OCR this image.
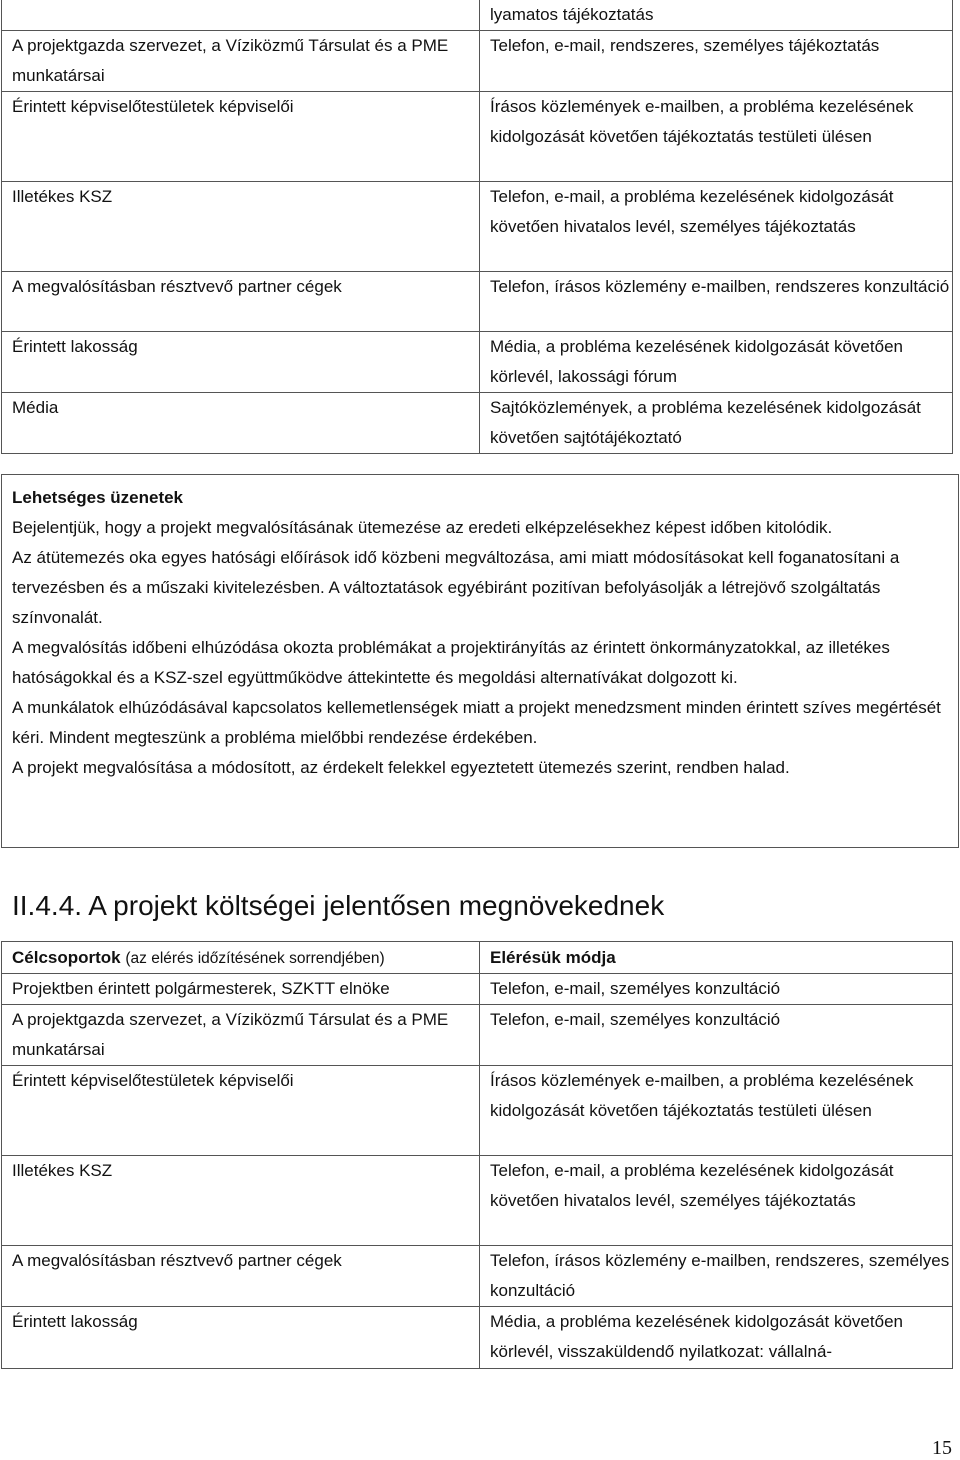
	lyamatos tájékoztatás
A projektgazda szervezet, a Víziközmű Társulat és a PME munkatársai	Telefon, e-mail, rendszeres, személyes tájékoztatás
Érintett képviselőtestületek képviselői	Írásos közlemények e-mailben, a probléma kezelésének kidolgozását követően tájékoztatás testületi ülésen
Illetékes KSZ	Telefon, e-mail, a probléma kezelésének kidolgozását követően hivatalos levél, személyes tájékoztatás
A megvalósításban résztvevő partner cégek	Telefon, írásos közlemény e-mailben, rendszeres konzultáció
Érintett lakosság	Média, a probléma kezelésének kidolgozását követően körlevél, lakossági fórum
Média	Sajtóközlemények, a probléma kezelésének kidolgozását követően sajtótájékoztató

Lehetséges üzenetek

Bejelentjük, hogy a projekt megvalósításának ütemezése az eredeti elképzelésekhez képest időben kitolódik.

Az átütemezés oka egyes hatósági előírások idő közbeni megváltozása, ami miatt módosításokat kell foganatosítani a tervezésben és a műszaki kivitelezésben. A változtatások egyébiránt pozitívan befolyásolják a létrejövő szolgáltatás színvonalát.

A megvalósítás időbeni elhúzódása okozta problémákat a projektirányítás az érintett önkormányzatokkal, az illetékes hatóságokkal és a KSZ-szel együttműködve áttekintette és megoldási alternatívákat dolgozott ki.

A munkálatok elhúzódásával kapcsolatos kellemetlenségek miatt a projekt menedzsment minden érintett szíves megértését kéri. Mindent megteszünk a probléma mielőbbi rendezése érdekében.

A projekt megvalósítása a módosított, az érdekelt felekkel egyeztetett ütemezés szerint, rendben halad.

II.4.4. A projekt költségei jelentősen megnövekednek
Célcsoportok (az elérés időzítésének sorrendjében)	Elérésük módja
Projektben érintett polgármesterek, SZKTT elnöke	Telefon, e-mail, személyes konzultáció
A projektgazda szervezet, a Víziközmű Társulat és a PME munkatársai	Telefon, e-mail, személyes konzultáció
Érintett képviselőtestületek képviselői	Írásos közlemények e-mailben, a probléma kezelésének kidolgozását követően tájékoztatás testületi ülésen
Illetékes KSZ	Telefon, e-mail, a probléma kezelésének kidolgozását követően hivatalos levél, személyes tájékoztatás
A megvalósításban résztvevő partner cégek	Telefon, írásos közlemény e-mailben, rendszeres, személyes konzultáció
Érintett lakosság	Média, a probléma kezelésének kidolgozását követően körlevél, visszaküldendő nyilatkozat: vállalná-
15
